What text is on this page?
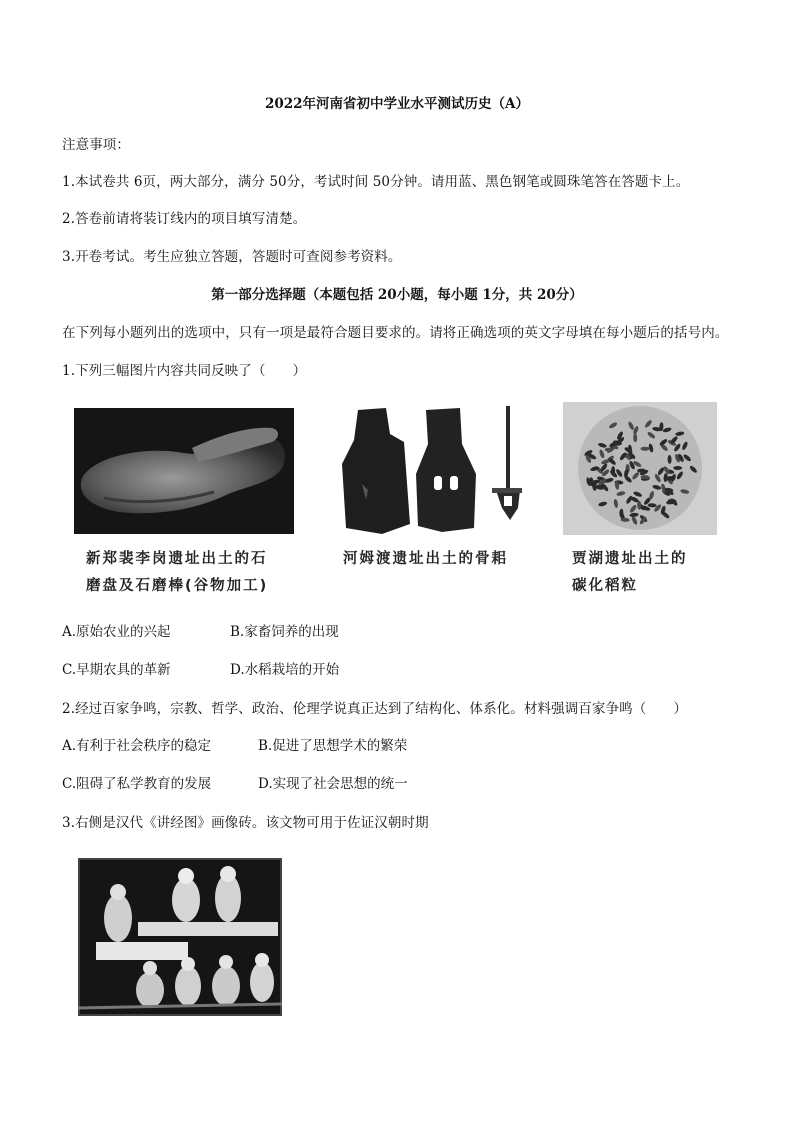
2022年河南省初中学业水平测试历史（A）
注意事项：
1.本试卷共 6页，两大部分，满分 50分，考试时间 50分钟。请用蓝、黑色钢笔或圆珠笔答在答题卡上。
2.答卷前请将装订线内的项目填写清楚。
3.开卷考试。考生应独立答题，答题时可查阅参考资料。
第一部分选择题（本题包括 20小题，每小题 1分，共 20分）
在下列每小题列出的选项中，只有一项是最符合题目要求的。请将正确选项的英文字母填在每小题后的括号内。
1.下列三幅图片内容共同反映了（　　）
新郑裴李岗遗址出土的石
磨盘及石磨棒(谷物加工)
河姆渡遗址出土的骨耜	贾湖遗址出土的
碳化稻粒
A.原始农业的兴起	B.家畜饲养的出现
C.早期农具的革新	D.水稻栽培的开始
2.经过百家争鸣，宗教、哲学、政治、伦理学说真正达到了结构化、体系化。材料强调百家争鸣（　　）
A.有利于社会秩序的稳定	B.促进了思想学术的繁荣
C.阻碍了私学教育的发展	D.实现了社会思想的统一
3.右侧是汉代《讲经图》画像砖。该文物可用于佐证汉朝时期
